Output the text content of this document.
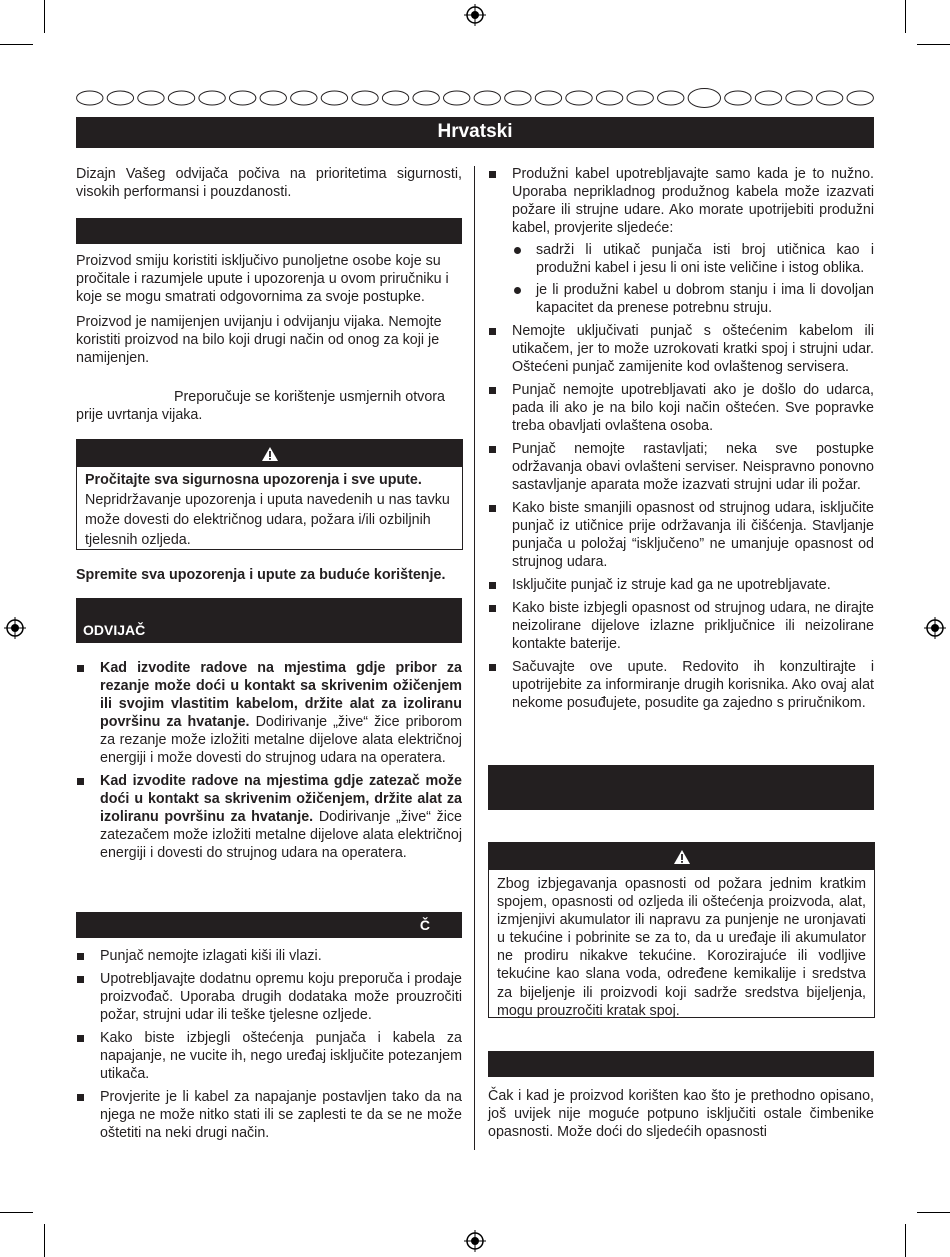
Hrvatski

Dizajn Vašeg odvijača počiva na prioritetima sigurnosti, visokih performansi i pouzdanosti.

Proizvod smiju koristiti isključivo punoljetne osobe koje su pročitale i razumjele upute i upozorenja u ovom priručniku i koje se mogu smatrati odgovornima za svoje postupke.

Proizvod je namijenjen uvijanju i odvijanju vijaka. Nemojte koristiti proizvod na bilo koji drugi način od onog za koji je namijenjen.

Preporučuje se korištenje usmjernih otvora prije uvrtanja vijaka.

Pročitajte sva sigurnosna upozorenja i sve upute.
Nepridržavanje upozorenja i uputa navedenih u nas tavku može dovesti do električnog udara, požara i/ili ozbiljnih tjelesnih ozljeda.

Spremite sva upozorenja i upute za buduće korištenje.

ODVIJAČ
Kad izvodite radove na mjestima gdje pribor za rezanje može doći u kontakt sa skrivenim ožičenjem ili svojim vlastitim kabelom, držite alat za izoliranu površinu za hvatanje. Dodirivanje „žive“ žice priborom za rezanje može izložiti metalne dijelove alata električnoj energiji i može dovesti do strujnog udara na operatera.
Kad izvodite radove na mjestima gdje zatezač može doći u kontakt sa skrivenim ožičenjem, držite alat za izoliranu površinu za hvatanje. Dodirivanje „žive“ žice zatezačem može izložiti metalne dijelove alata električnoj energiji i dovesti do strujnog udara na operatera.
Č
Punjač nemojte izlagati kiši ili vlazi.
Upotrebljavajte dodatnu opremu koju preporuča i prodaje proizvođač. Uporaba drugih dodataka može prouzročiti požar, strujni udar ili teške tjelesne ozljede.
Kako biste izbjegli oštećenja punjača i kabela za napajanje, ne vucite ih, nego uređaj isključite potezanjem utikača.
Provjerite je li kabel za napajanje postavljen tako da na njega ne može nitko stati ili se zaplesti te da se ne može oštetiti na neki drugi način.
Produžni kabel upotrebljavajte samo kada je to nužno. Uporaba neprikladnog produžnog kabela može izazvati požare ili strujne udare. Ako morate upotrijebiti produžni kabel, provjerite sljedeće:
sadrži li utikač punjača isti broj utičnica kao i produžni kabel i jesu li oni iste veličine i istog oblika.
je li produžni kabel u dobrom stanju i ima li dovoljan kapacitet da prenese potrebnu struju.
Nemojte uključivati punjač s oštećenim kabelom ili utikačem, jer to može uzrokovati kratki spoj i strujni udar. Oštećeni punjač zamijenite kod ovlaštenog servisera.
Punjač nemojte upotrebljavati ako je došlo do udarca, pada ili ako je na bilo koji način oštećen. Sve popravke treba obavljati ovlaštena osoba.
Punjač nemojte rastavljati; neka sve postupke održavanja obavi ovlašteni serviser. Neispravno ponovno sastavljanje aparata može izazvati strujni udar ili požar.
Kako biste smanjili opasnost od strujnog udara, isključite punjač iz utičnice prije održavanja ili čišćenja. Stavljanje punjača u položaj “isključeno” ne umanjuje opasnost od strujnog udara.
Isključite punjač iz struje kad ga ne upotrebljavate.
Kako biste izbjegli opasnost od strujnog udara, ne dirajte neizolirane dijelove izlazne priključnice ili neizolirane kontakte baterije.
Sačuvajte ove upute. Redovito ih konzultirajte i upotrijebite za informiranje drugih korisnika. Ako ovaj alat nekome posuđujete, posudite ga zajedno s priručnikom.

Zbog izbjegavanja opasnosti od požara jednim kratkim spojem, opasnosti od ozljeda ili oštećenja proizvoda, alat, izmjenjivi akumulator ili napravu za punjenje ne uronjavati u tekućine i pobrinite se za to, da u uređaje ili akumulator ne prodiru nikakve tekućine. Korozirajuće ili vodljive tekućine kao slana voda, određene kemikalije i sredstva za bijeljenje ili proizvodi koji sadrže sredstva bijeljenja, mogu prouzročiti kratak spoj.

Čak i kad je proizvod korišten kao što je prethodno opisano, još uvijek nije moguće potpuno isključiti ostale čimbenike opasnosti. Može doći do sljedećih opasnosti
